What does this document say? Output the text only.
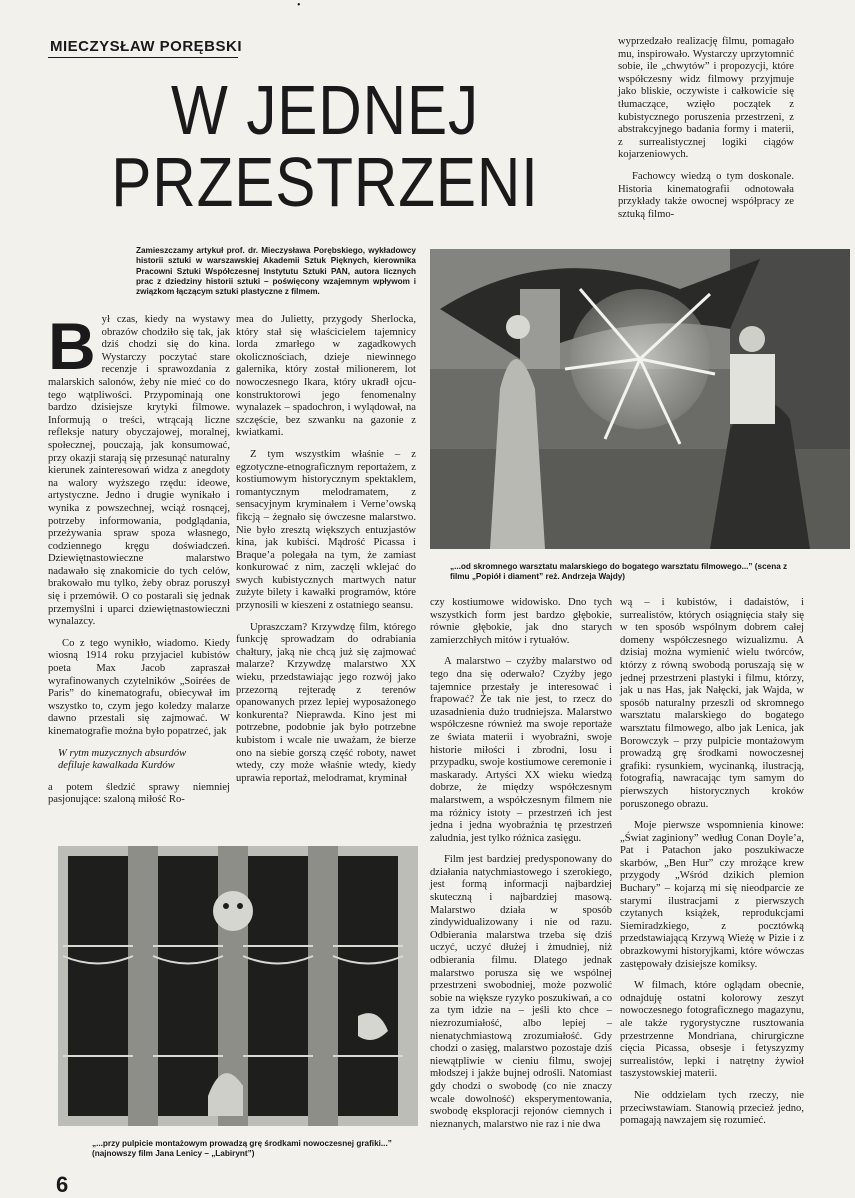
MIECZYSŁAW PORĘBSKI
•
W JEDNEJ
PRZESTRZENI

wyprzedzało realizację filmu, pomagało mu, inspirowało. Wystarczy uprzytomnić sobie, ile „chwytów” i propozycji, które współczesny widz filmowy przyjmuje jako bliskie, oczywiste i całkowicie się tłumaczące, wzięło początek z kubistycznego poruszenia przestrzeni, z abstrakcyjnego badania formy i materii, z surrealistycznej logiki ciągów kojarzeniowych.

Fachowcy wiedzą o tym doskonale. Historia kinematografii odnotowała przykłady także owocnej współpracy ze sztuką filmo-

Zamieszczamy artykuł prof. dr. Mieczysława Porębskiego, wykładowcy historii sztuki w warszawskiej Akademii Sztuk Pięknych, kierownika Pracowni Sztuki Współczesnej Instytutu Sztuki PAN, autora licznych prac z dziedziny historii sztuki – poświęcony wzajemnym wpływom i związkom łączącym sztuki plastyczne z filmem.
„...od skromnego warsztatu malarskiego do bogatego warsztatu filmowego...” (scena z filmu „Popiół i diament” reż. Andrzeja Wajdy)
B ył czas, kiedy na wystawy obrazów chodziło się tak, jak dziś chodzi się do kina. Wystarczy poczytać stare recenzje i sprawozdania z malarskich salonów, żeby nie mieć co do tego wątpliwości. Przypominają one bardzo dzisiejsze krytyki filmowe. Informują o treści, wtrącają liczne refleksje natury obyczajowej, moralnej, społecznej, pouczają, jak konsumować, przy okazji starają się przesunąć naturalny kierunek zainteresowań widza z anegdoty na walory wyższego rzędu: ideowe, artystyczne. Jedno i drugie wynikało i wynika z powszechnej, wciąż rosnącej, potrzeby informowania, podglądania, przeżywania spraw spoza własnego, codziennego kręgu doświadczeń. Dziewiętnastowieczne malarstwo nadawało się znakomicie do tych celów, brakowało mu tylko, żeby obraz poruszył się i przemówił. O co postarali się jednak przemyślni i uparci dziewiętnastowieczni wynalazcy.

Co z tego wynikło, wiadomo. Kiedy wiosną 1914 roku przyjaciel kubistów poeta Max Jacob zapraszał wyrafinowanych czytelników „Soirées de Paris” do kinematografu, obiecywał im wszystko to, czym jego koledzy malarze dawno przestali się zajmować. W kinematografie można było popatrzeć, jak

W rytm muzycznych absurdów

defiluje kawalkada Kurdów

a potem śledzić sprawy niemniej pasjonujące: szaloną miłość Ro-

mea do Julietty, przygody Sherlocka, który stał się właścicielem tajemnicy lorda zmarłego w zagadkowych okolicznościach, dzieje niewinnego galernika, który został milionerem, lot nowoczesnego Ikara, który ukradł ojcu-konstruktorowi jego fenomenalny wynalazek – spadochron, i wylądował, na szczęście, bez szwanku na gazonie z kwiatkami.

Z tym wszystkim właśnie – z egzotyczne-etnograficznym reportażem, z kostiumowym historycznym spektaklem, romantycznym melodramatem, z sensacyjnym kryminałem i Verne’owską fikcją – żegnało się ówczesne malarstwo. Nie było zresztą większych entuzjastów kina, jak kubiści. Mądrość Picassa i Braque’a polegała na tym, że zamiast konkurować z nim, zaczęli wklejać do swych kubistycznych martwych natur zużyte bilety i kawałki programów, które przynosili w kieszeni z ostatniego seansu.

Upraszczam? Krzywdzę film, którego funkcję sprowadzam do odrabiania chałtury, jaką nie chcą już się zajmować malarze? Krzywdzę malarstwo XX wieku, przedstawiając jego rozwój jako przezorną rejteradę z terenów opanowanych przez lepiej wyposażonego konkurenta? Nieprawda. Kino jest mi potrzebne, podobnie jak było potrzebne kubistom i wcale nie uważam, że bierze ono na siebie gorszą część roboty, nawet wtedy, czy może właśnie wtedy, kiedy uprawia reportaż, melodramat, kryminał

czy kostiumowe widowisko. Dno tych wszystkich form jest bardzo głębokie, równie głębokie, jak dno starych zamierzchłych mitów i rytuałów.

A malarstwo – czyżby malarstwo od tego dna się oderwało? Czyżby jego tajemnice przestały je interesować i frapować? Że tak nie jest, to rzecz do uzasadnienia dużo trudniejsza. Malarstwo współczesne również ma swoje reportaże ze świata materii i wyobraźni, swoje historie miłości i zbrodni, losu i przypadku, swoje kostiumowe ceremonie i maskarady. Artyści XX wieku wiedzą dobrze, że między współczesnym malarstwem, a współczesnym filmem nie ma różnicy istoty – przestrzeń ich jest jedna i jedna wyobraźnia tę przestrzeń zaludnia, jest tylko różnica zasięgu.

Film jest bardziej predysponowany do działania natychmiastowego i szerokiego, jest formą informacji najbardziej skuteczną i najbardziej masową. Malarstwo działa w sposób zindywidualizowany i nie od razu. Odbierania malarstwa trzeba się dziś uczyć, uczyć dłużej i żmudniej, niż odbierania filmu. Dlatego jednak malarstwo porusza się we wspólnej przestrzeni swobodniej, może pozwolić sobie na większe ryzyko poszukiwań, a co za tym idzie na – jeśli kto chce – niezrozumiałość, albo lepiej – nienatychmiastową zrozumiałość. Gdy chodzi o zasięg, malarstwo pozostaje dziś niewątpliwie w cieniu filmu, swojej młodszej i jakże bujnej odrośli. Natomiast gdy chodzi o swobodę (co nie znaczy wcale dowolność) eksperymentowania, swobodę eksploracji rejonów ciemnych i nieznanych, malarstwo nie raz i nie dwa

wą – i kubistów, i dadaistów, i surrealistów, których osiągnięcia stały się w ten sposób wspólnym dobrem całej domeny współczesnego wizualizmu. A dzisiaj można wymienić wielu twórców, którzy z równą swobodą poruszają się w jednej przestrzeni plastyki i filmu, którzy, jak u nas Has, jak Nałęcki, jak Wajda, w sposób naturalny przeszli od skromnego warsztatu malarskiego do bogatego warsztatu filmowego, albo jak Lenica, jak Borowczyk – przy pulpicie montażowym prowadzą grę środkami nowoczesnej grafiki: rysunkiem, wycinanką, ilustracją, fotografią, nawracając tym samym do pierwszych historycznych kroków poruszonego obrazu.

Moje pierwsze wspomnienia kinowe: „Świat zaginiony” według Conan Doyle’a, Pat i Patachon jako poszukiwacze skarbów, „Ben Hur” czy mrożące krew przygody „Wśród dzikich plemion Buchary” – kojarzą mi się nieodparcie ze starymi ilustracjami z pierwszych czytanych książek, reprodukcjami Siemiradzkiego, z pocztówką przedstawiającą Krzywą Wieżę w Pizie i z obrazkowymi historyjkami, które wówczas zastępowały dzisiejsze komiksy.

W filmach, które oglądam obecnie, odnajduję ostatni kolorowy zeszyt nowoczesnego fotograficznego magazynu, ale także rygorystyczne rusztowania przestrzenne Mondriana, chirurgiczne cięcia Picassa, obsesje i fetyszyzmy surrealistów, lepki i natrętny żywioł taszystowskiej materii.

Nie oddzielam tych rzeczy, nie przeciwstawiam. Stanowią przecież jedno, pomagają nawzajem się rozumieć.

„...przy pulpicie montażowym prowadzą grę środkami nowoczesnej grafiki...” (najnowszy film Jana Lenicy – „Labirynt”)
6
